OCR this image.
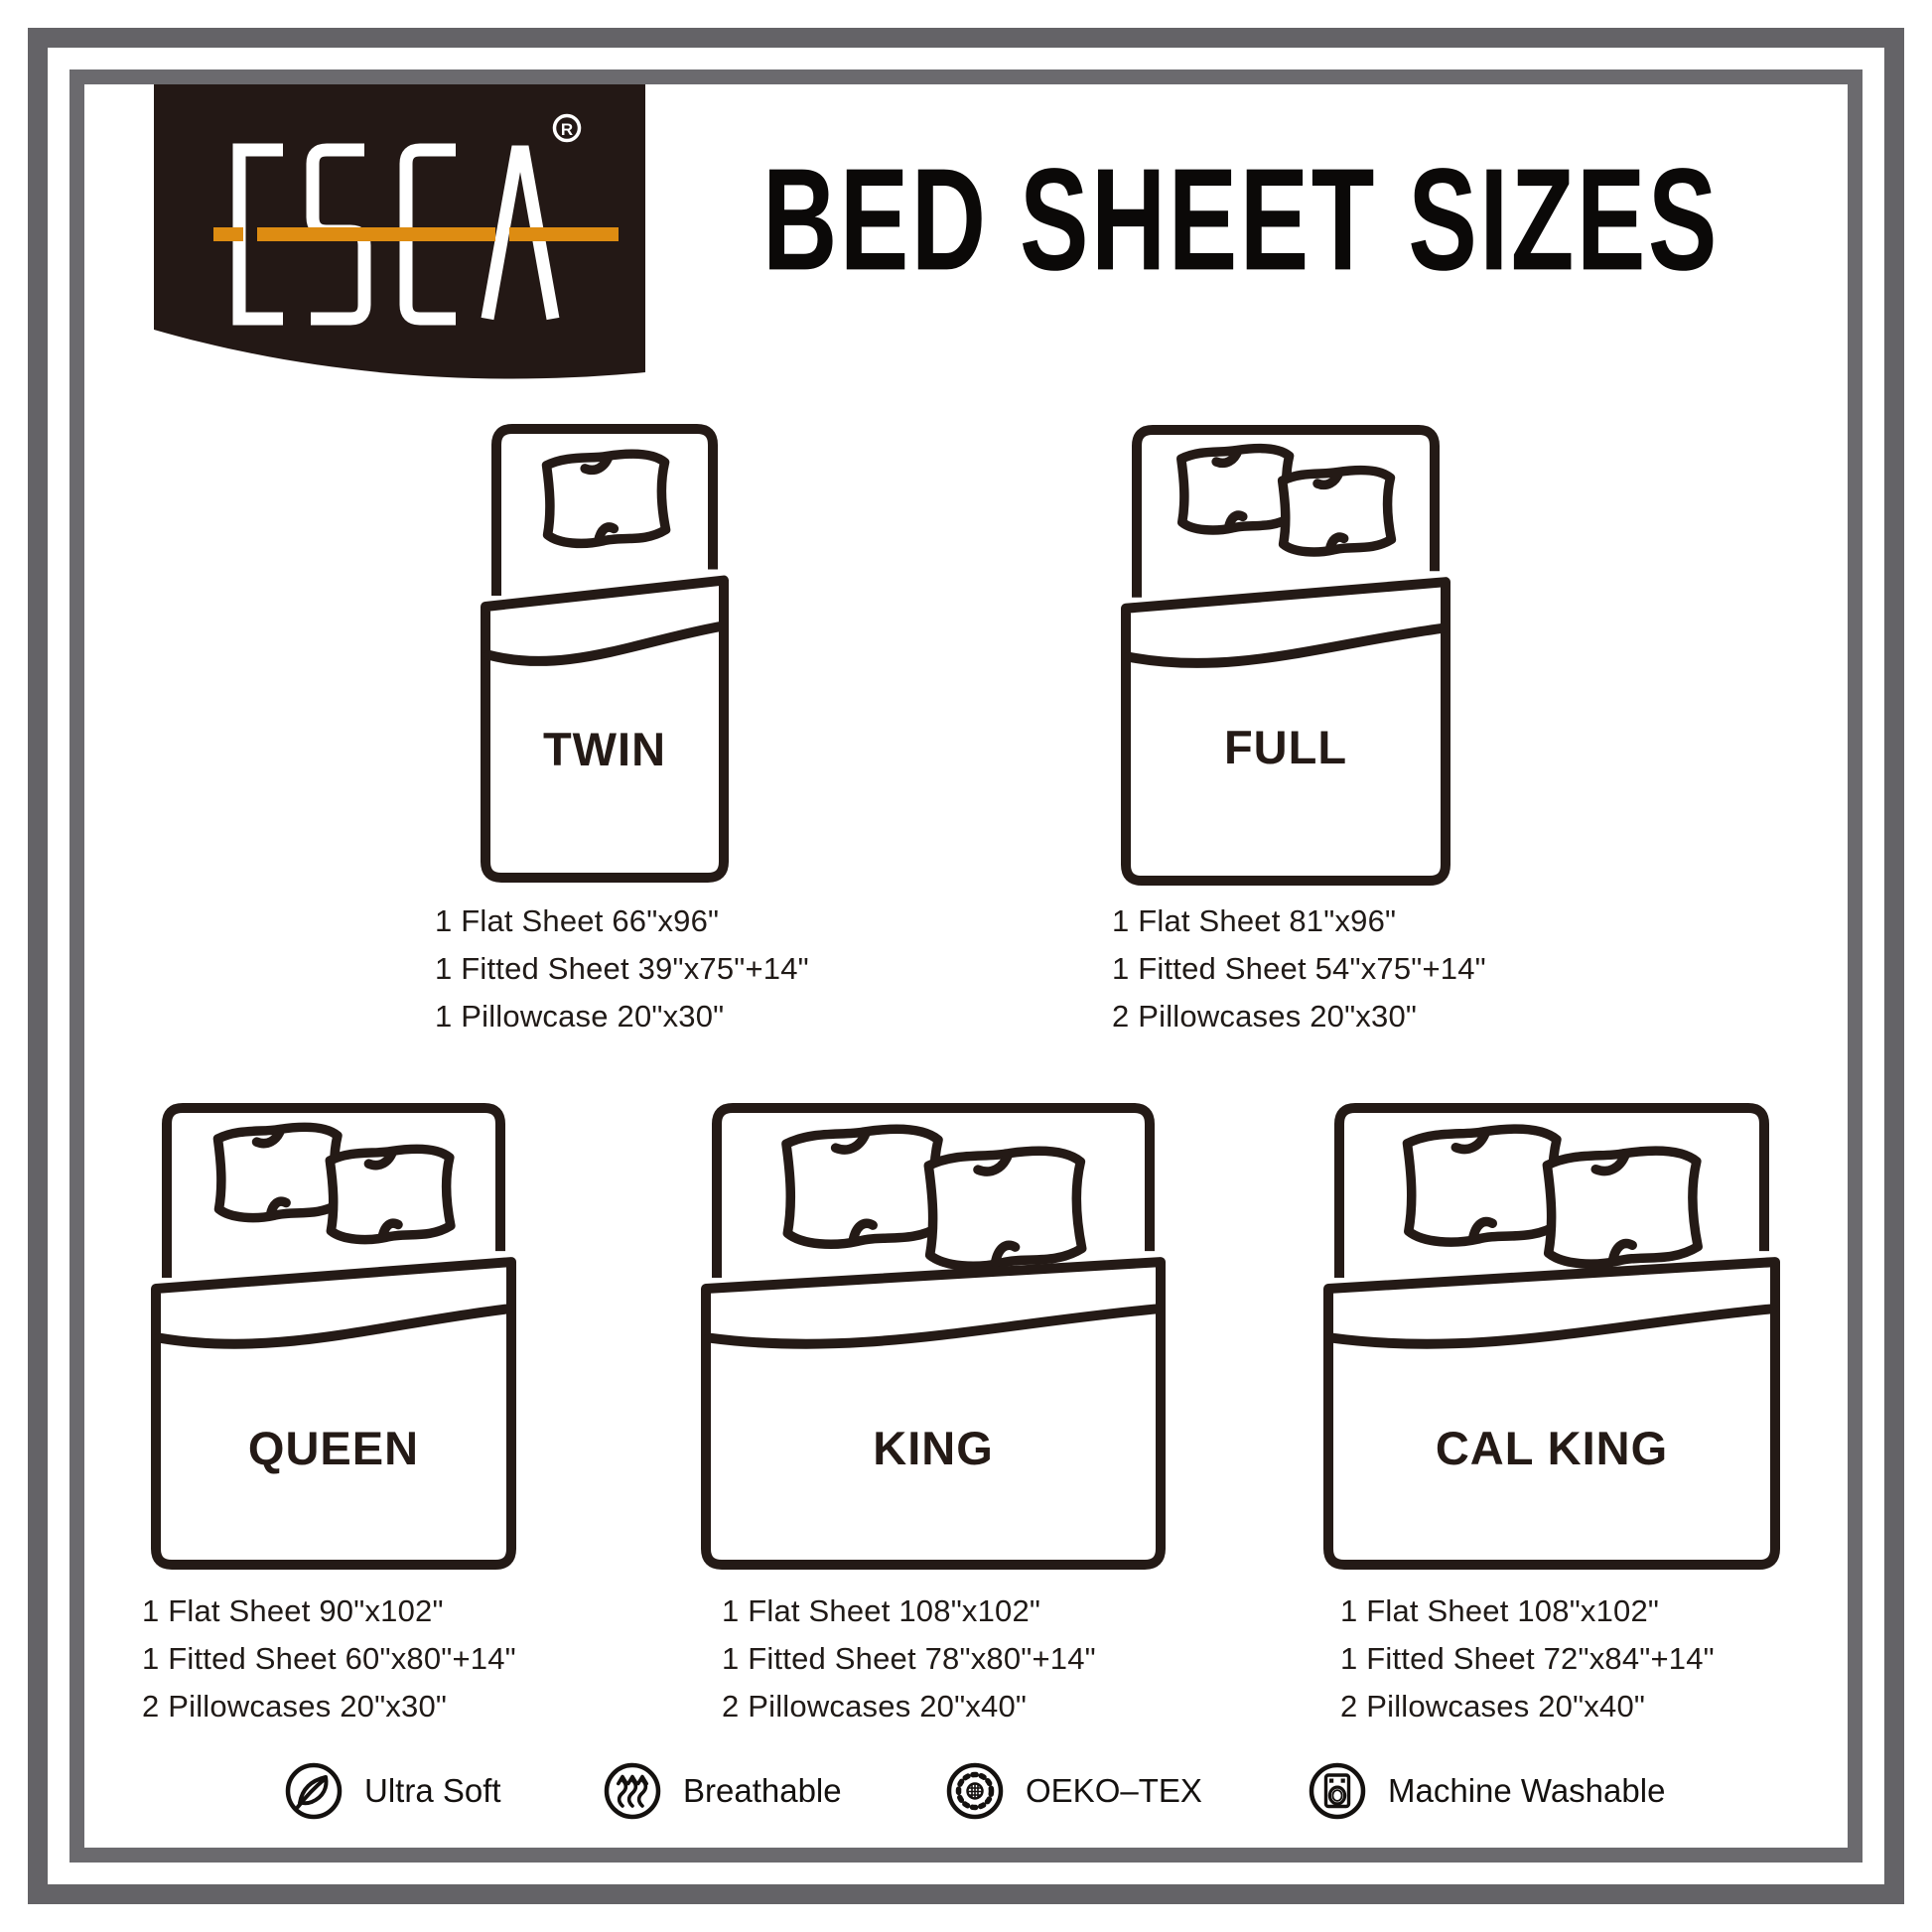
R
BED SHEET SIZES
TWIN	FULL
QUEEN	KING	CAL KING
1 Flat Sheet 66"x96"
1 Fitted Sheet 39"x75"+14"
1 Pillowcase 20"x30"
1 Flat Sheet 81"x96"
1 Fitted Sheet 54"x75"+14"
2 Pillowcases 20"x30"
1 Flat Sheet 90"x102"
1 Fitted Sheet 60"x80"+14"
2 Pillowcases 20"x30"
1 Flat Sheet 108"x102"
1 Fitted Sheet 78"x80"+14"
2 Pillowcases 20"x40"
1 Flat Sheet 108"x102"
1 Fitted Sheet 72"x84"+14"
2 Pillowcases 20"x40"
Ultra Soft	Breathable	OEKO–TEX	Machine Washable
